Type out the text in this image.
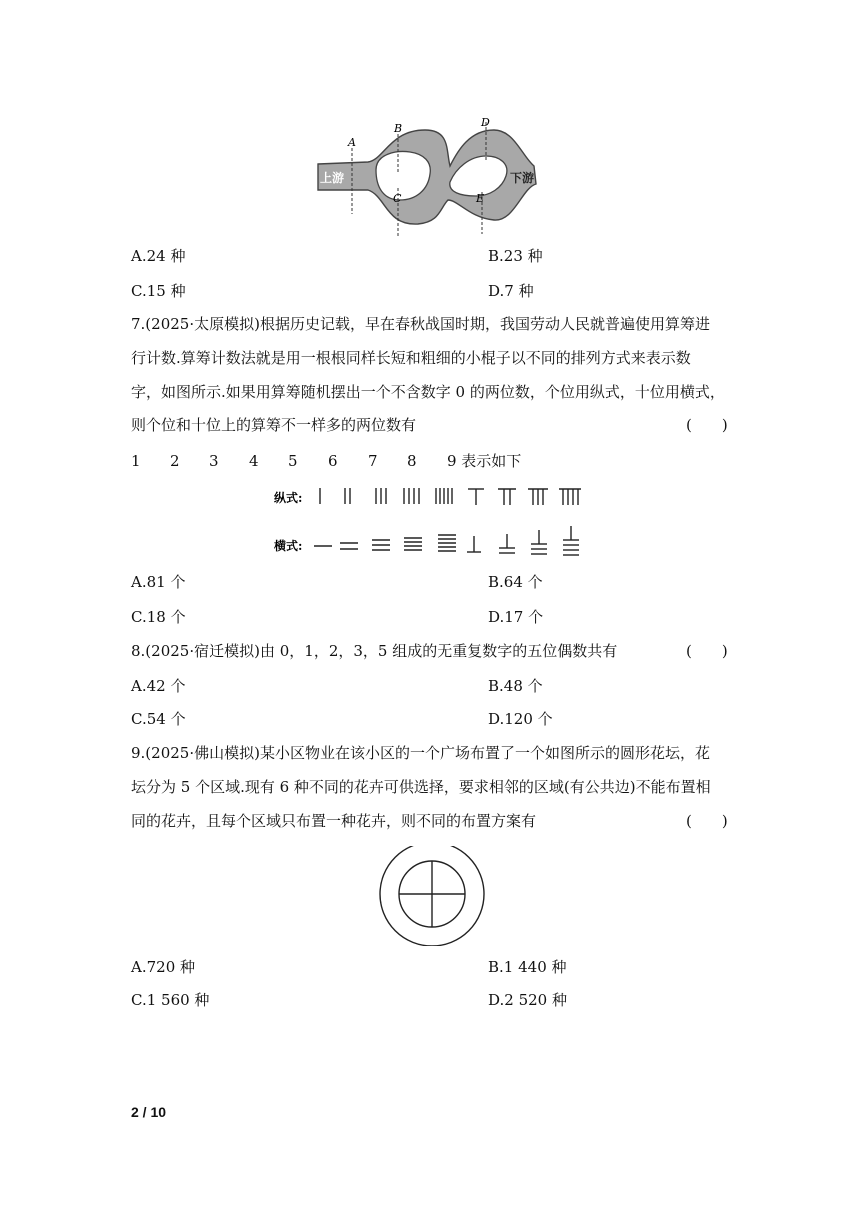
A
B
C
D
E
上游	下游
A.24 种	B.23 种
C.15 种	D.7 种
7.(2025·太原模拟)根据历史记载，早在春秋战国时期，我国劳动人民就普遍使用算筹进
行计数.算筹计数法就是用一根根同样长短和粗细的小棍子以不同的排列方式来表示数
字，如图所示.如果用算筹随机摆出一个不含数字 0 的两位数，个位用纵式，十位用横式，
则个位和十位上的算筹不一样多的两位数有	(　　)
1 2 3 4 5 6 7 8 9 表示如下
纵式:
横式:
A.81 个	B.64 个
C.18 个	D.17 个
8.(2025·宿迁模拟)由 0，1，2，3，5 组成的无重复数字的五位偶数共有	(　　)
A.42 个	B.48 个
C.54 个	D.120 个
9.(2025·佛山模拟)某小区物业在该小区的一个广场布置了一个如图所示的圆形花坛，花
坛分为 5 个区域.现有 6 种不同的花卉可供选择，要求相邻的区域(有公共边)不能布置相
同的花卉，且每个区域只布置一种花卉，则不同的布置方案有	(　　)
A.720 种	B.1 440 种
C.1 560 种	D.2 520 种
2 / 10
